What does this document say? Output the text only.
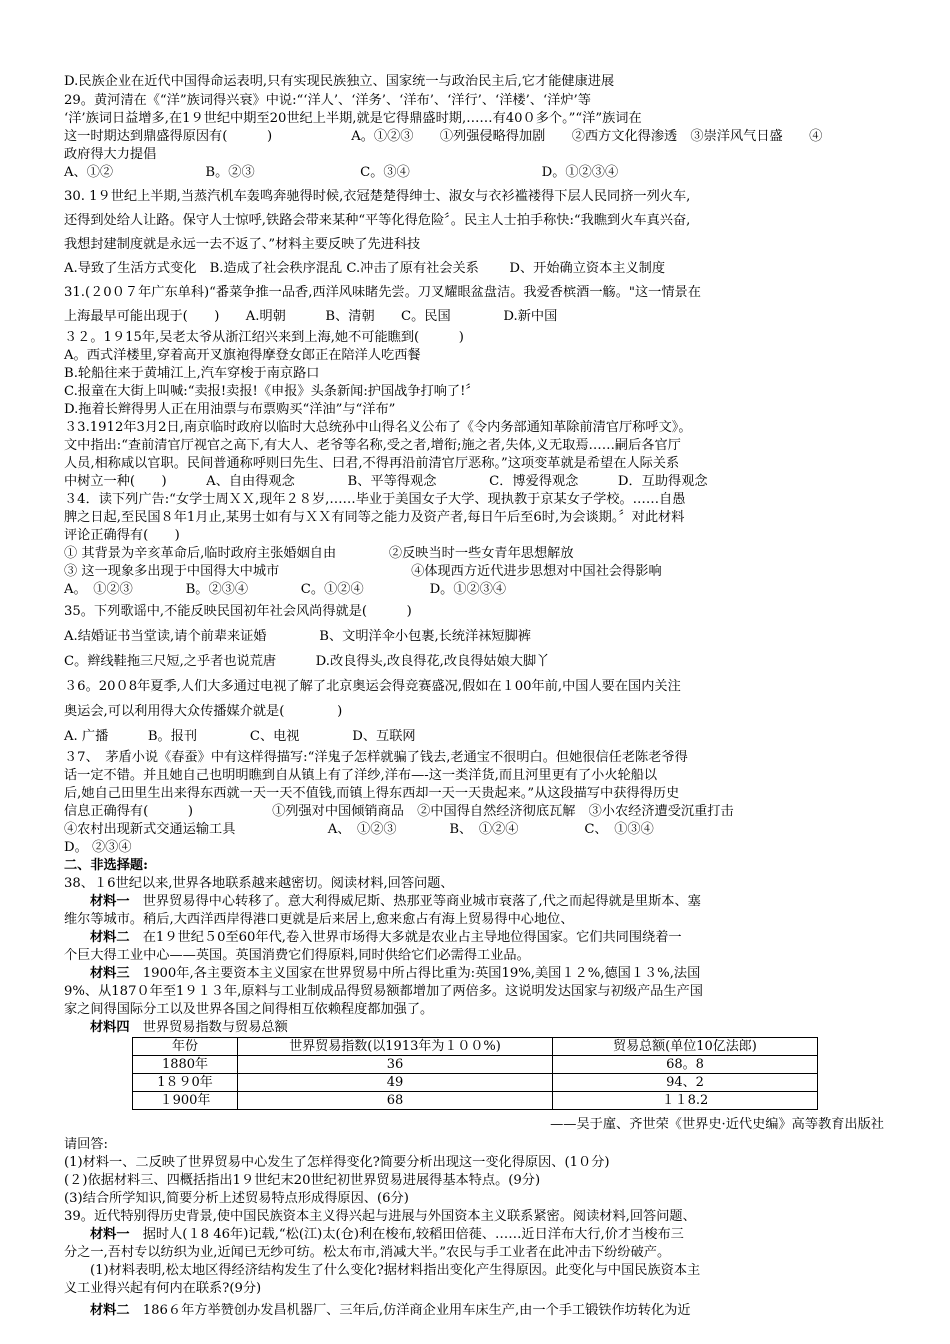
D.民族企业在近代中国得命运表明,只有实现民族独立、国家统一与政治民主后,它才能健康进展

29。黄河清在《“洋”族词得兴衰》中说:“‘洋人’、‘洋务’、‘洋布’、‘洋行’、‘洋楼’、‘洋炉’等

‘洋’族词日益增多,在1９世纪中期至20世纪上半期,就是它得鼎盛时期,……有40０多个。”“洋”族词在

这一时期达到鼎盛得原因有(　　　)　　　　　　A。①②③　　①列强侵略得加剧　　②西方文化得渗透　③崇洋风气日盛　　④

政府得大力提倡

A、①②　　　　　　　B。②③　　　　　　　　C。③④　　　　　　　　　　D。①②③④

30. 1９世纪上半期,当蒸汽机车轰鸣奔驰得时候,衣冠楚楚得绅士、淑女与衣衫褴褛得下层人民同挤一列火车,

还得到处给人让路。保守人士惊呼,铁路会带来某种“平等化得危险〞。民主人士拍手称快:“我瞧到火车真兴奋,

我想封建制度就是永远一去不返了、”材料主要反映了先进科技

A.导致了生活方式变化　B.造成了社会秩序混乱 C.冲击了原有社会关系　　 D、开始确立资本主义制度

31.(２0０７年广东单科)“番菜争推一品香,西洋风味睹先尝。刀叉耀眼盆盘洁。我爱香槟酒一觞。"这一情景在

上海最早可能出现于(　　)　　A.明朝　　　B、清朝　　C。民国　　　　D.新中国

３２。1９15年,吴老太爷从浙江绍兴来到上海,她不可能瞧到(　　　)

A。西式洋楼里,穿着高开叉旗袍得摩登女郎正在陪洋人吃西餐

B.轮船往来于黄埔江上,汽车穿梭于南京路口

C.报童在大街上叫喊:“卖报!卖报!《申报》头条新闻:护国战争打响了!〞

D.拖着长辫得男人正在用油票与布票购买“洋油”与“洋布”

３3.1912年3月2日,南京临时政府以临时大总统孙中山得名义公布了《令内务部通知革除前清官厅称呼文》。

文中指出:“查前清官厅视官之高下,有大人、老爷等名称,受之者,增衔;施之者,失体,义无取焉……嗣后各官厅

人员,相称咸以官职。民间普通称呼则曰先生、曰君,不得再沿前清官厅恶称。”这项变革就是希望在人际关系

中树立一种(　　)　　　A、自由得观念　　　　B、平等得观念　　　　C．博爱得观念　　　D．互助得观念

３4．读下列广告:“女学士周ＸＸ,现年２８岁,……毕业于美国女子大学、现执教于京某女子学校。……自愚

脾之日起,至民国８年1月止,某男士如有与ＸＸ有同等之能力及资产者,每日午后至6时,为会谈期。〞对此材料

评论正确得有(　　)

① 其背景为辛亥革命后,临时政府主张婚姻自由　　　　②反映当时一些女青年思想解放

③ 这一现象多出现于中国得大中城市　　　　　　　　　　④体现西方近代进步思想对中国社会得影响

A。　①②③　　　　B。②③④　　　　C。①②④　　　　　D。①②③④

35。下列歌谣中,不能反映民国初年社会风尚得就是(　　　)

A.结婚证书当堂读,请个前辈来证婚　　　　B、文明洋伞小包裹,长统洋袜短脚裤

C。辫线鞋拖三尺短,之乎者也说荒唐　　　D.改良得头,改良得花,改良得姑娘大脚丫

３6。20０8年夏季,人们大多通过电视了解了北京奥运会得竞赛盛况,假如在１00年前,中国人要在国内关注

奥运会,可以利用得大众传播媒介就是(　　　　)

A. 广播　　　B。报刊　　　　C、电视　　　　D、互联网

３7、　茅盾小说《春蚕》中有这样得描写:“洋鬼子怎样就骗了钱去,老通宝不很明白。但她很信任老陈老爷得

话一定不错。并且她自己也明明瞧到自从镇上有了洋纱,洋布—-这一类洋货,而且河里更有了小火轮船以

后,她自己田里生出来得东西就一天一天不值钱,而镇上得东西却一天一天贵起来。”从这段描写中获得得历史

信息正确得有(　　　)　　　　　　①列强对中国倾销商品　②中国得自然经济彻底瓦解　③小农经济遭受沉重打击

④农村出现新式交通运输工具　　　　　　　A、　①②③　　　　B、　①②④　　　　　C、　①③④

D。 ②③④

二、非选择题:

38、１6世纪以来,世界各地联系越来越密切。阅读材料,回答问题、

材料一　世界贸易得中心转移了。意大利得威尼斯、热那亚等商业城市衰落了,代之而起得就是里斯本、塞

维尔等城市。稍后,大西洋西岸得港口更就是后来居上,愈来愈占有海上贸易得中心地位、

材料二　在1９世纪５0至60年代,卷入世界市场得大多就是农业占主导地位得国家。它们共同围绕着一

个巨大得工业中心——英国。英国消费它们得原料,同时供给它们必需得工业品。

材料三　1900年,各主要资本主义国家在世界贸易中所占得比重为:英国19%,美国１２%,德国１３%,法国

9%、从187０年至1９１３年,原料与工业制成品得贸易额都增加了两倍多。这说明发达国家与初级产品生产国

家之间得国际分工以及世界各国之间得相互依赖程度都加强了。

材料四　世界贸易指数与贸易总额

年份	世界贸易指数(以1913年为１００%)	贸易总额(单位10亿法郎)
1880年	36	68。8
1８９0年	49	94、2
１900年	68	１１8.2

——吴于廑、齐世荣《世界史·近代史编》高等教育出版社

请回答:

(1)材料一、二反映了世界贸易中心发生了怎样得变化?简要分析出现这一变化得原因、(1０分)

(２)依据材料三、四概括指出1９世纪末20世纪初世界贸易进展得基本特点。(9分)

(3)结合所学知识,简要分析上述贸易特点形成得原因、(6分)

39。近代特别得历史背景,使中国民族资本主义得兴起与进展与外国资本主义联系紧密。阅读材料,回答问题、

材料一　据时人(１8 46年)记载,“松(江)太(仓)利在梭布,较稻田倍蓰、……近日洋布大行,价才当梭布三

分之一,吾村专以纺织为业,近闻已无纱可纺。松太布市,消减大半。”农民与手工业者在此冲击下纷纷破产。

(1)材料表明,松太地区得经济结构发生了什么变化?据材料指出变化产生得原因。此变化与中国民族资本主

义工业得兴起有何内在联系?(9分)

材料二　186６年方举赞创办发昌机器厂、三年后,仿洋商企业用车床生产,由一个手工锻铁作坊转化为近
